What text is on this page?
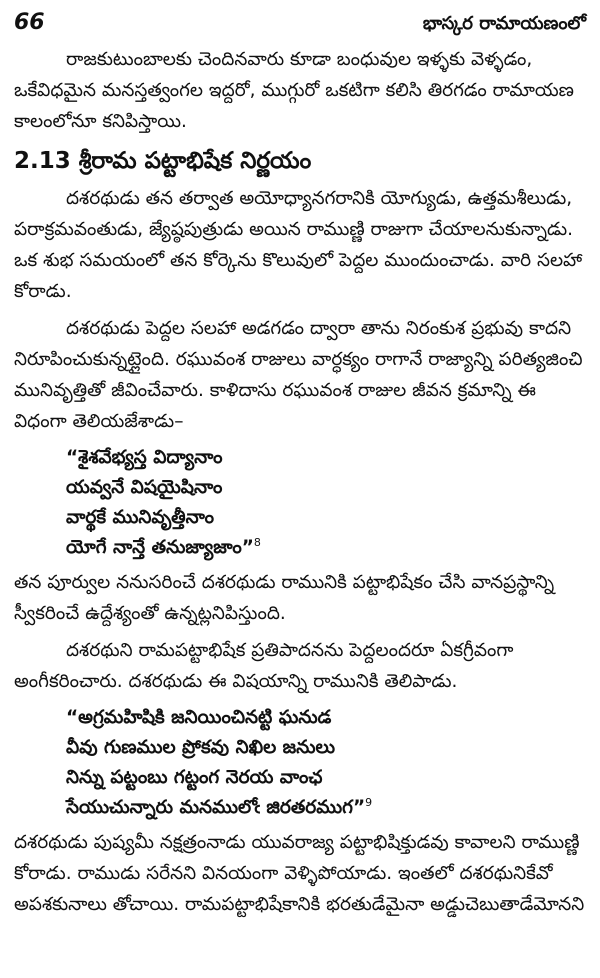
66	భాస్కర రామాయణంలో

రాజకుటుంబాలకు చెందినవారు కూడా బంధువుల ఇళ్ళకు వెళ్ళడం, ఒకేవిధమైన మనస్తత్వంగల ఇద్దరో, ముగ్గురో ఒకటిగా కలిసి తిరగడం రామాయణ కాలంలోనూ కనిపిస్తాయి.

2.13 శ్రీరామ పట్టాభిషేక నిర్ణయం

దశరథుడు తన తర్వాత అయోధ్యానగరానికి యోగ్యుడు, ఉత్తమశీలుడు, పరాక్రమవంతుడు, జ్యేష్ఠపుత్రుడు అయిన రాముణ్ణి రాజుగా చేయాలనుకున్నాడు. ఒక శుభ సమయంలో తన కోర్కెను కొలువులో పెద్దల ముందుంచాడు. వారి సలహా కోరాడు.

దశరథుడు పెద్దల సలహా అడగడం ద్వారా తాను నిరంకుశ ప్రభువు కాదని నిరూపించుకున్నట్లైంది. రఘువంశ రాజులు వార్ధక్యం రాగానే రాజ్యాన్ని పరిత్యజించి మునివృత్తితో జీవించేవారు. కాళిదాసు రఘువంశ రాజుల జీవన క్రమాన్ని ఈ విధంగా తెలియజేశాడు–

“శైశవేభ్యస్త విద్యానాం
యవ్వనే విషయైషినాం
వార్థకే మునివృత్తీనాం
యోగే నాన్తే తనుజ్యాజాం”$^8$

తన పూర్వుల ననుసరించే దశరథుడు రామునికి పట్టాభిషేకం చేసి వానప్రస్థాన్ని స్వీకరించే ఉద్దేశ్యంతో ఉన్నట్లనిపిస్తుంది.

దశరథుని రామపట్టాభిషేక ప్రతిపాదనను పెద్దలందరూ ఏకగ్రీవంగా అంగీకరించారు. దశరథుడు ఈ విషయాన్ని రామునికి తెలిపాడు.

“అగ్రమహిషికి జనియించినట్టి ఘనుడ
వీవు గుణముల ప్రోకవు నిఖిల జనులు
నిన్ను పట్టంబు గట్టంగ నెరయ వాంఛ
సేయుచున్నారు మనములోఁ జిరతరముగ”$^9$

దశరథుడు పుష్యమీ నక్షత్రంనాడు యువరాజ్య పట్టాభిషిక్తుడవు కావాలని రాముణ్ణి కోరాడు. రాముడు సరేనని వినయంగా వెళ్ళిపోయాడు. ఇంతలో దశరథునికేవో అపశకునాలు తోచాయి. రామపట్టాభిషేకానికి భరతుడేమైనా అడ్డుచెబుతాడేమోనని
